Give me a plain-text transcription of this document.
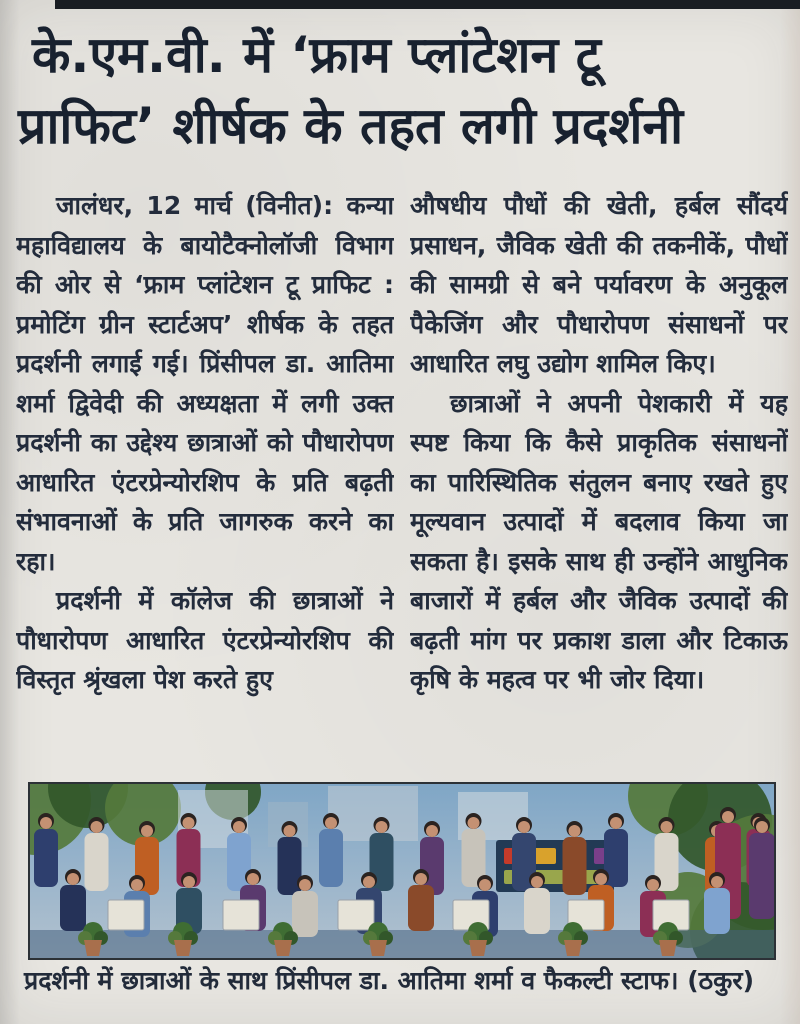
के.एम.वी. में ‘फ्राम प्लांटेशन टू
प्राफिट’ शीर्षक के तहत लगी प्रदर्शनी

जालंधर, 12 मार्च (विनीत): कन्या महाविद्यालय के बायोटैक्नोलॉजी विभाग की ओर से ‘फ्राम प्लांटेशन टू प्राफिट : प्रमोटिंग ग्रीन स्टार्टअप’ शीर्षक के तहत प्रदर्शनी लगाई गई। प्रिंसीपल डा. आतिमा शर्मा द्विवेदी की अध्यक्षता में लगी उक्त प्रदर्शनी का उद्देश्य छात्राओं को पौधारोपण आधारित एंटरप्रेन्योरशिप के प्रति बढ़ती संभावनाओं के प्रति जागरुक करने का रहा।

प्रदर्शनी में कॉलेज की छात्राओं ने पौधारोपण आधारित एंटरप्रेन्योरशिप की विस्तृत श्रृंखला पेश करते हुए

औषधीय पौधों की खेती, हर्बल सौंदर्य प्रसाधन, जैविक खेती की तकनीकें, पौधों की सामग्री से बने पर्यावरण के अनुकूल पैकेजिंग और पौधारोपण संसाधनों पर आधारित लघु उद्योग शामिल किए।

छात्राओं ने अपनी पेशकारी में यह स्पष्ट किया कि कैसे प्राकृतिक संसाधनों का पारिस्थितिक संतुलन बनाए रखते हुए मूल्यवान उत्पादों में बदलाव किया जा सकता है। इसके साथ ही उन्होंने आधुनिक बाजारों में हर्बल और जैविक उत्पादों की बढ़ती मांग पर प्रकाश डाला और टिकाऊ कृषि के महत्व पर भी जोर दिया।

प्रदर्शनी में छात्राओं के साथ प्रिंसीपल डा. आतिमा शर्मा व फैकल्टी स्टाफ। (ठकुर)
